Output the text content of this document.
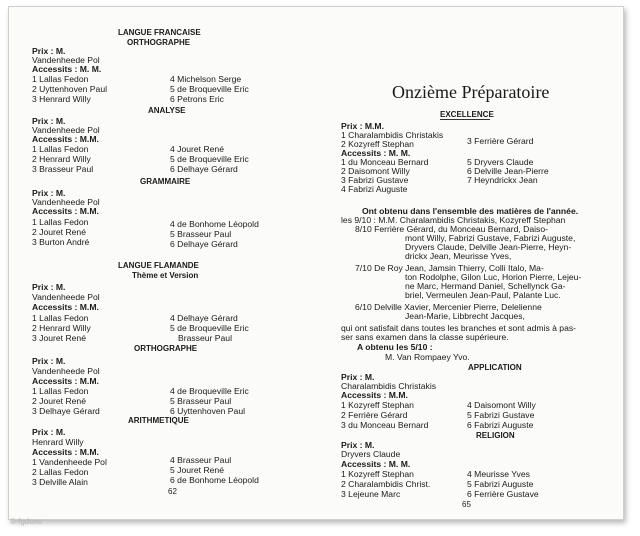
LANGUE FRANCAISE
ORTHOGRAPHE
Prix : M.
Vandenheede Pol
Accessits : M. M.
1 Lallas Fedon
2 Uyttenhoven Paul
3 Henrard Willy
4 Michelson Serge
5 de Broqueville Eric
6 Petrons Eric
ANALYSE
Prix : M.
Vandenheede Pol
Accessits : M.M.
1 Lallas Fedon
2 Henrard Willy
3 Brasseur Paul
4 Jouret René
5 de Broqueville Eric
6 Delhaye Gérard
GRAMMAIRE
Prix : M.
Vandenheede Pol
Accessits : M.M.
1 Lallas Fedon
2 Jouret René
3 Burton André
4 de Bonhome Léopold
5 Brasseur Paul
6 Delhaye Gérard
LANGUE FLAMANDE
Thème et Version
Prix : M.
Vandenheede Pol
Accessits : M.M.
1 Lallas Fedon
2 Henrard Willy
3 Jouret René
4 Delhaye Gérard
5 de Broqueville Eric
Brasseur Paul
ORTHOGRAPHE
Prix : M.
Vandenheede Pol
Accessits : M.M.
1 Lallas Fedon
2 Jouret René
3 Delhaye Gérard
4 de Broqueville Eric
5 Brasseur Paul
6 Uyttenhoven Paul
ARITHMETIQUE
Prix : M.
Henrard Willy
Accessits : M.M.
1 Vandenheede Pol
2 Lallas Fedon
3 Delville Alain
4 Brasseur Paul
5 Jouret René
6 de Bonhome Léopold
62
Onzième Préparatoire
EXCELLENCE
Prix : M.M.
1 Charalambidis Christakis
2 Kozyreff Stephan
Accessits : M. M.
1 du Monceau Bernard
2 Daisomont Willy
3 Fabrizi Gustave
4 Fabrizi Auguste
3 Ferrière Gérard
5 Dryvers Claude
6 Delville Jean-Pierre
7 Heyndrickx Jean
Ont obtenu dans l'ensemble des matières de l'année.
les 9/10 : M.M. Charalambidis Christakis, Kozyreff Stephan
8/10 Ferrière Gérard, du Monceau Bernard, Daiso-
mont Willy, Fabrizi Gustave, Fabrizi Auguste,
Dryvers Claude, Delville Jean-Pierre, Heyn-
drickx Jean, Meurisse Yves,
7/10 De Roy Jean, Jamsin Thierry, Colli Italo, Ma-
ton Rodolphe, Gilon Luc, Horion Pierre, Lejeu-
ne Marc, Hermand Daniel, Schellynck Ga-
briel, Vermeulen Jean-Paul, Palante Luc.
6/10 Delville Xavier, Mercenier Pierre, Delelienne
Jean-Marie, Libbrecht Jacques,
qui ont satisfait dans toutes les branches et sont admis à pas-
ser sans examen dans la classe supérieure.
A obtenu les 5/10 :
M. Van Rompaey Yvo.
APPLICATION
Prix : M.
Charalambidis Christakis
Accessits : M.M.
1 Kozyreff Stephan
2 Ferrière Gérard
3 du Monceau Bernard
4 Daisomont Willy
5 Fabrizi Gustave
6 Fabrizi Auguste
RELIGION
Prix : M.
Dryvers Claude
Accessits : M. M.
1 Kozyreff Stephan
2 Charalambidis Christ.
3 Lejeune Marc
4 Meurisse Yves
5 Fabrizi Auguste
6 Ferrière Gustave
65
© fgdoxu
